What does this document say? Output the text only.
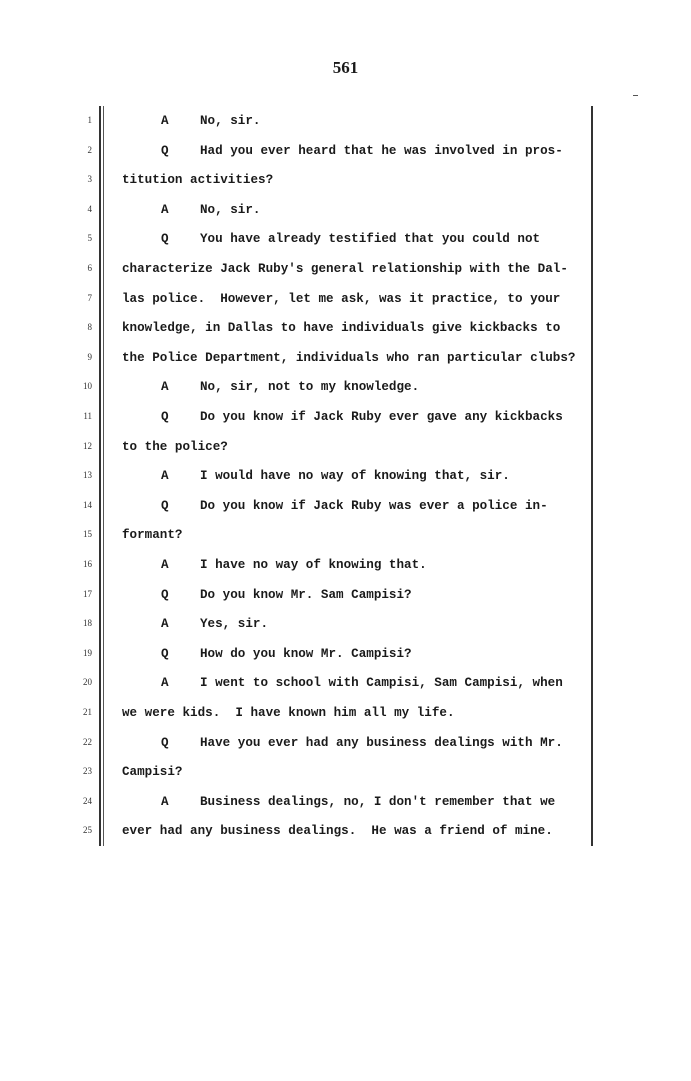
561
1	A No, sir.
2	Q Had you ever heard that he was involved in pros-
3 titution activities?
4	A No, sir.
5	Q You have already testified that you could not
6 characterize Jack Ruby's general relationship with the Dal-
7 las police.  However, let me ask, was it practice, to your
8 knowledge, in Dallas to have individuals give kickbacks to
9 the Police Department, individuals who ran particular clubs?
10	A No, sir, not to my knowledge.
11	Q Do you know if Jack Ruby ever gave any kickbacks
12 to the police?
13	A I would have no way of knowing that, sir.
14	Q Do you know if Jack Ruby was ever a police in-
15 formant?
16	A I have no way of knowing that.
17	Q Do you know Mr. Sam Campisi?
18	A Yes, sir.
19	Q How do you know Mr. Campisi?
20	A I went to school with Campisi, Sam Campisi, when
21 we were kids.  I have known him all my life.
22	Q Have you ever had any business dealings with Mr.
23 Campisi?
24	A Business dealings, no, I don't remember that we
25 ever had any business dealings.  He was a friend of mine.
